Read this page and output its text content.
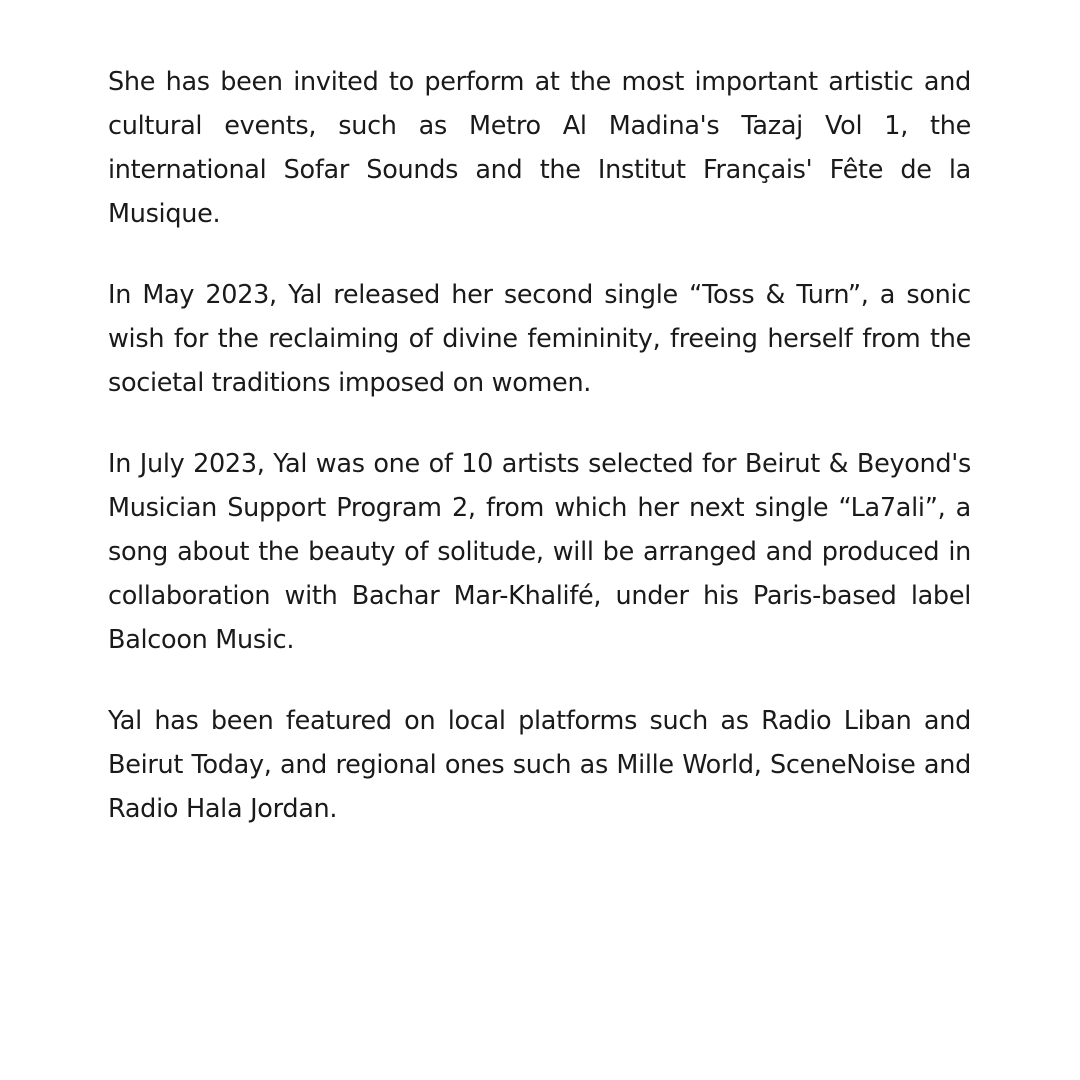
She has been invited to perform at the most important artistic and cultural events, such as Metro Al Madina's Tazaj Vol 1, the international Sofar Sounds and the Institut Français' Fête de la Musique.

In May 2023, Yal released her second single “Toss & Turn”, a sonic wish for the reclaiming of divine femininity, freeing herself from the societal traditions imposed on women.

In July 2023, Yal was one of 10 artists selected for Beirut & Beyond's Musician Support Program 2, from which her next single “La7ali”, a song about the beauty of solitude, will be arranged and produced in collaboration with Bachar Mar-Khalifé, under his Paris-based label Balcoon Music.

Yal has been featured on local platforms such as Radio Liban and Beirut Today, and regional ones such as Mille World, SceneNoise and Radio Hala Jordan.
